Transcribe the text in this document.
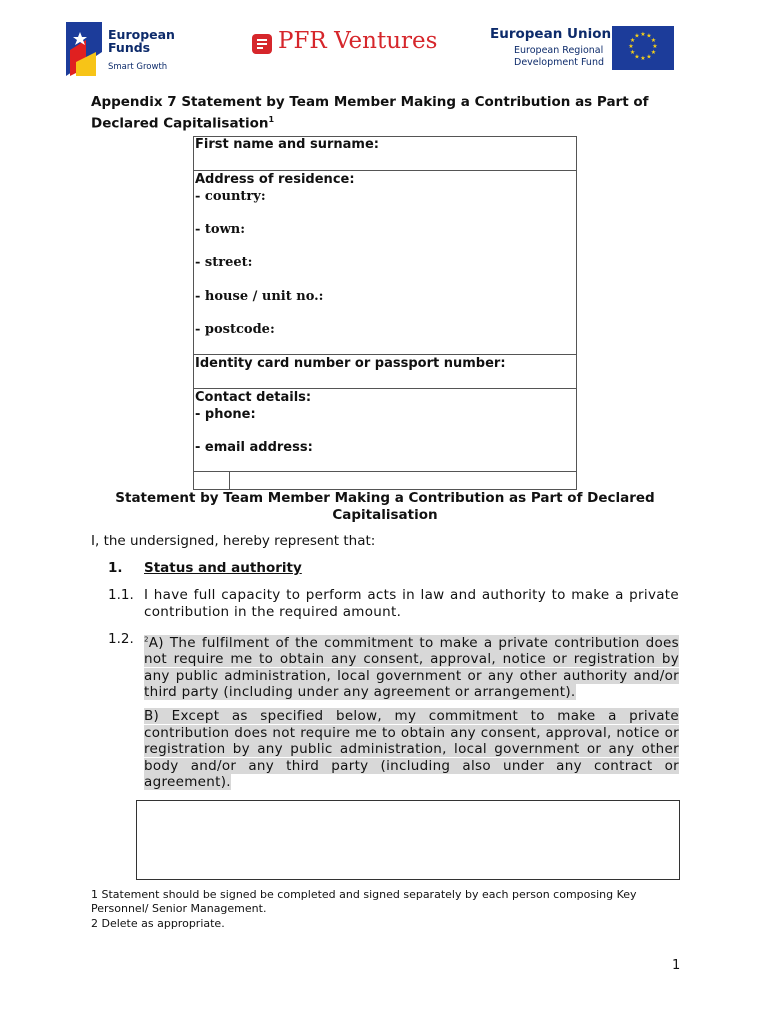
European
Funds
Smart Growth
PFR Ventures	European Union
European Regional
Development Fund
★ ★
★
★
★
★
★
★
★
★
★
★
Appendix 7 Statement by Team Member Making a Contribution as Part of Declared Capitalisation$^1$
First name and surname:
Address of residence:
- country:
- town:
- street:
- house / unit no.:
- postcode:
Identity card number or passport number:
Contact details:
- phone:
- email address:
Statement by Team Member Making a Contribution as Part of Declared
Capitalisation
I, the undersigned, hereby represent that:
1. Status and authority
1.1. I have full capacity to perform acts in law and authority to make a private contribution in the required amount.
1.2. $^2$A) The fulfilment of the commitment to make a private contribution does not require me to obtain any consent, approval, notice or registration by any public administration, local government or any other authority and/or third party (including under any agreement or arrangement).
B) Except as specified below, my commitment to make a private contribution does not require me to obtain any consent, approval, notice or registration by any public administration, local government or any other body and/or any third party (including also under any contract or agreement).
1 Statement should be signed be completed and signed separately by each person composing Key Personnel/ Senior Management.
2 Delete as appropriate.
1
